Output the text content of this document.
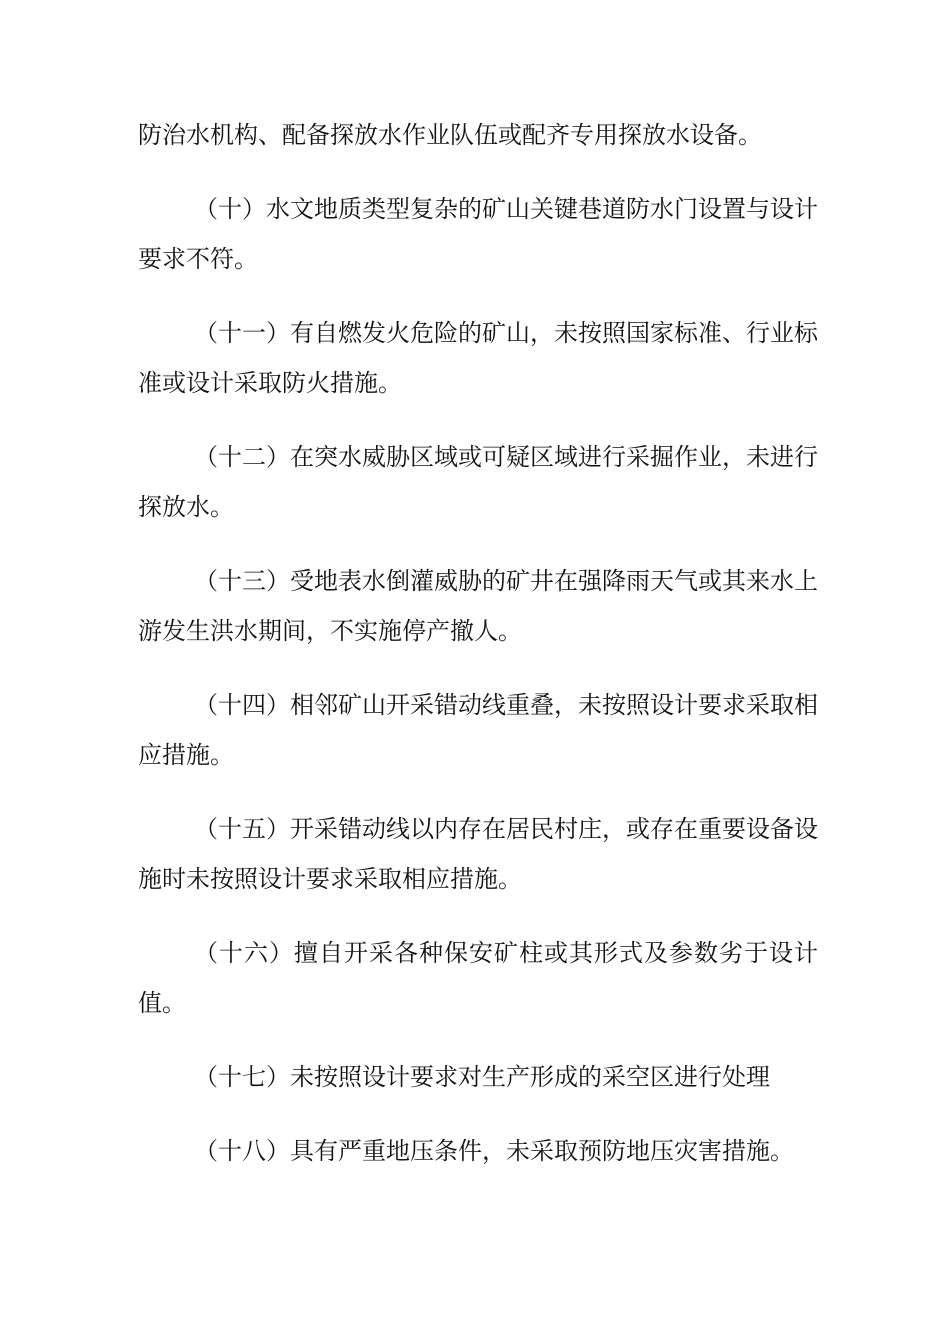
防治水机构、配备探放水作业队伍或配齐专用探放水设备。

（十）水文地质类型复杂的矿山关键巷道防水门设置与设计要求不符。

（十一）有自燃发火危险的矿山，未按照国家标准、行业标准或设计采取防火措施。

（十二）在突水威胁区域或可疑区域进行采掘作业，未进行探放水。

（十三）受地表水倒灌威胁的矿井在强降雨天气或其来水上游发生洪水期间，不实施停产撤人。

（十四）相邻矿山开采错动线重叠，未按照设计要求采取相应措施。

（十五）开采错动线以内存在居民村庄，或存在重要设备设施时未按照设计要求采取相应措施。

（十六）擅自开采各种保安矿柱或其形式及参数劣于设计值。

（十七）未按照设计要求对生产形成的采空区进行处理

（十八）具有严重地压条件，未采取预防地压灾害措施。
